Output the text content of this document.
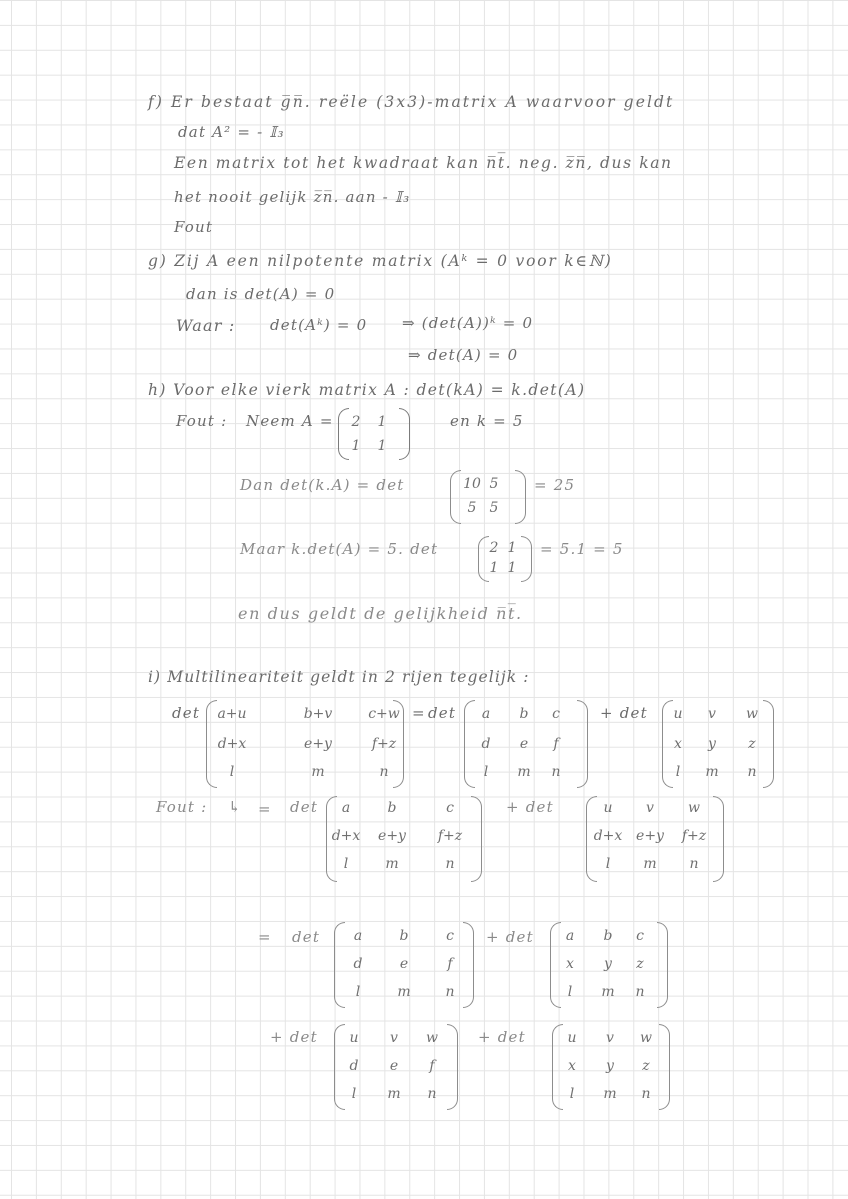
f) Er bestaat g̅n̅. reële (3x3)-matrix A waarvoor geldt
dat A² = - 𝕀₃
Een matrix tot het kwadraat kan n̅t̅. neg. z̅n̅, dus kan
het nooit gelijk z̅n̅. aan - 𝕀₃
Fout
g) Zij A een nilpotente matrix (Aᵏ = 0 voor k∈ℕ)
dan is det(A) = 0
Waar : det(Aᵏ) = 0 ⇒ (det(A))ᵏ = 0
⇒ det(A) = 0
h) Voor elke vierk matrix A : det(kA) = k.det(A)
Fout : Neem A = 2 1
1 1
en k = 5
Dan det(k.A) = det	10 5
5 5
= 25
Maar k.det(A) = 5. det	2 1
1 1
= 5.1 = 5
en dus geldt de gelijkheid n̅t̅.
i) Multilineariteit geldt in 2 rijen tegelijk :
det a+u	b+v	c+w
d+x	e+y	f+z
l	m	n
= det a b c
d e f
l m n
+ det u v w
x y z
l m n
Fout : ↳ = det a	b	c
d+x e+y f+z
l	m	n
+ det	u v w
d+x e+y f+z
l m n
= det a	b	c
d	e	f
l	m n
+ det a b c
x y z
l m n
+ det u v w
d e f
l m n
+ det	u v w
x y z
l m n
